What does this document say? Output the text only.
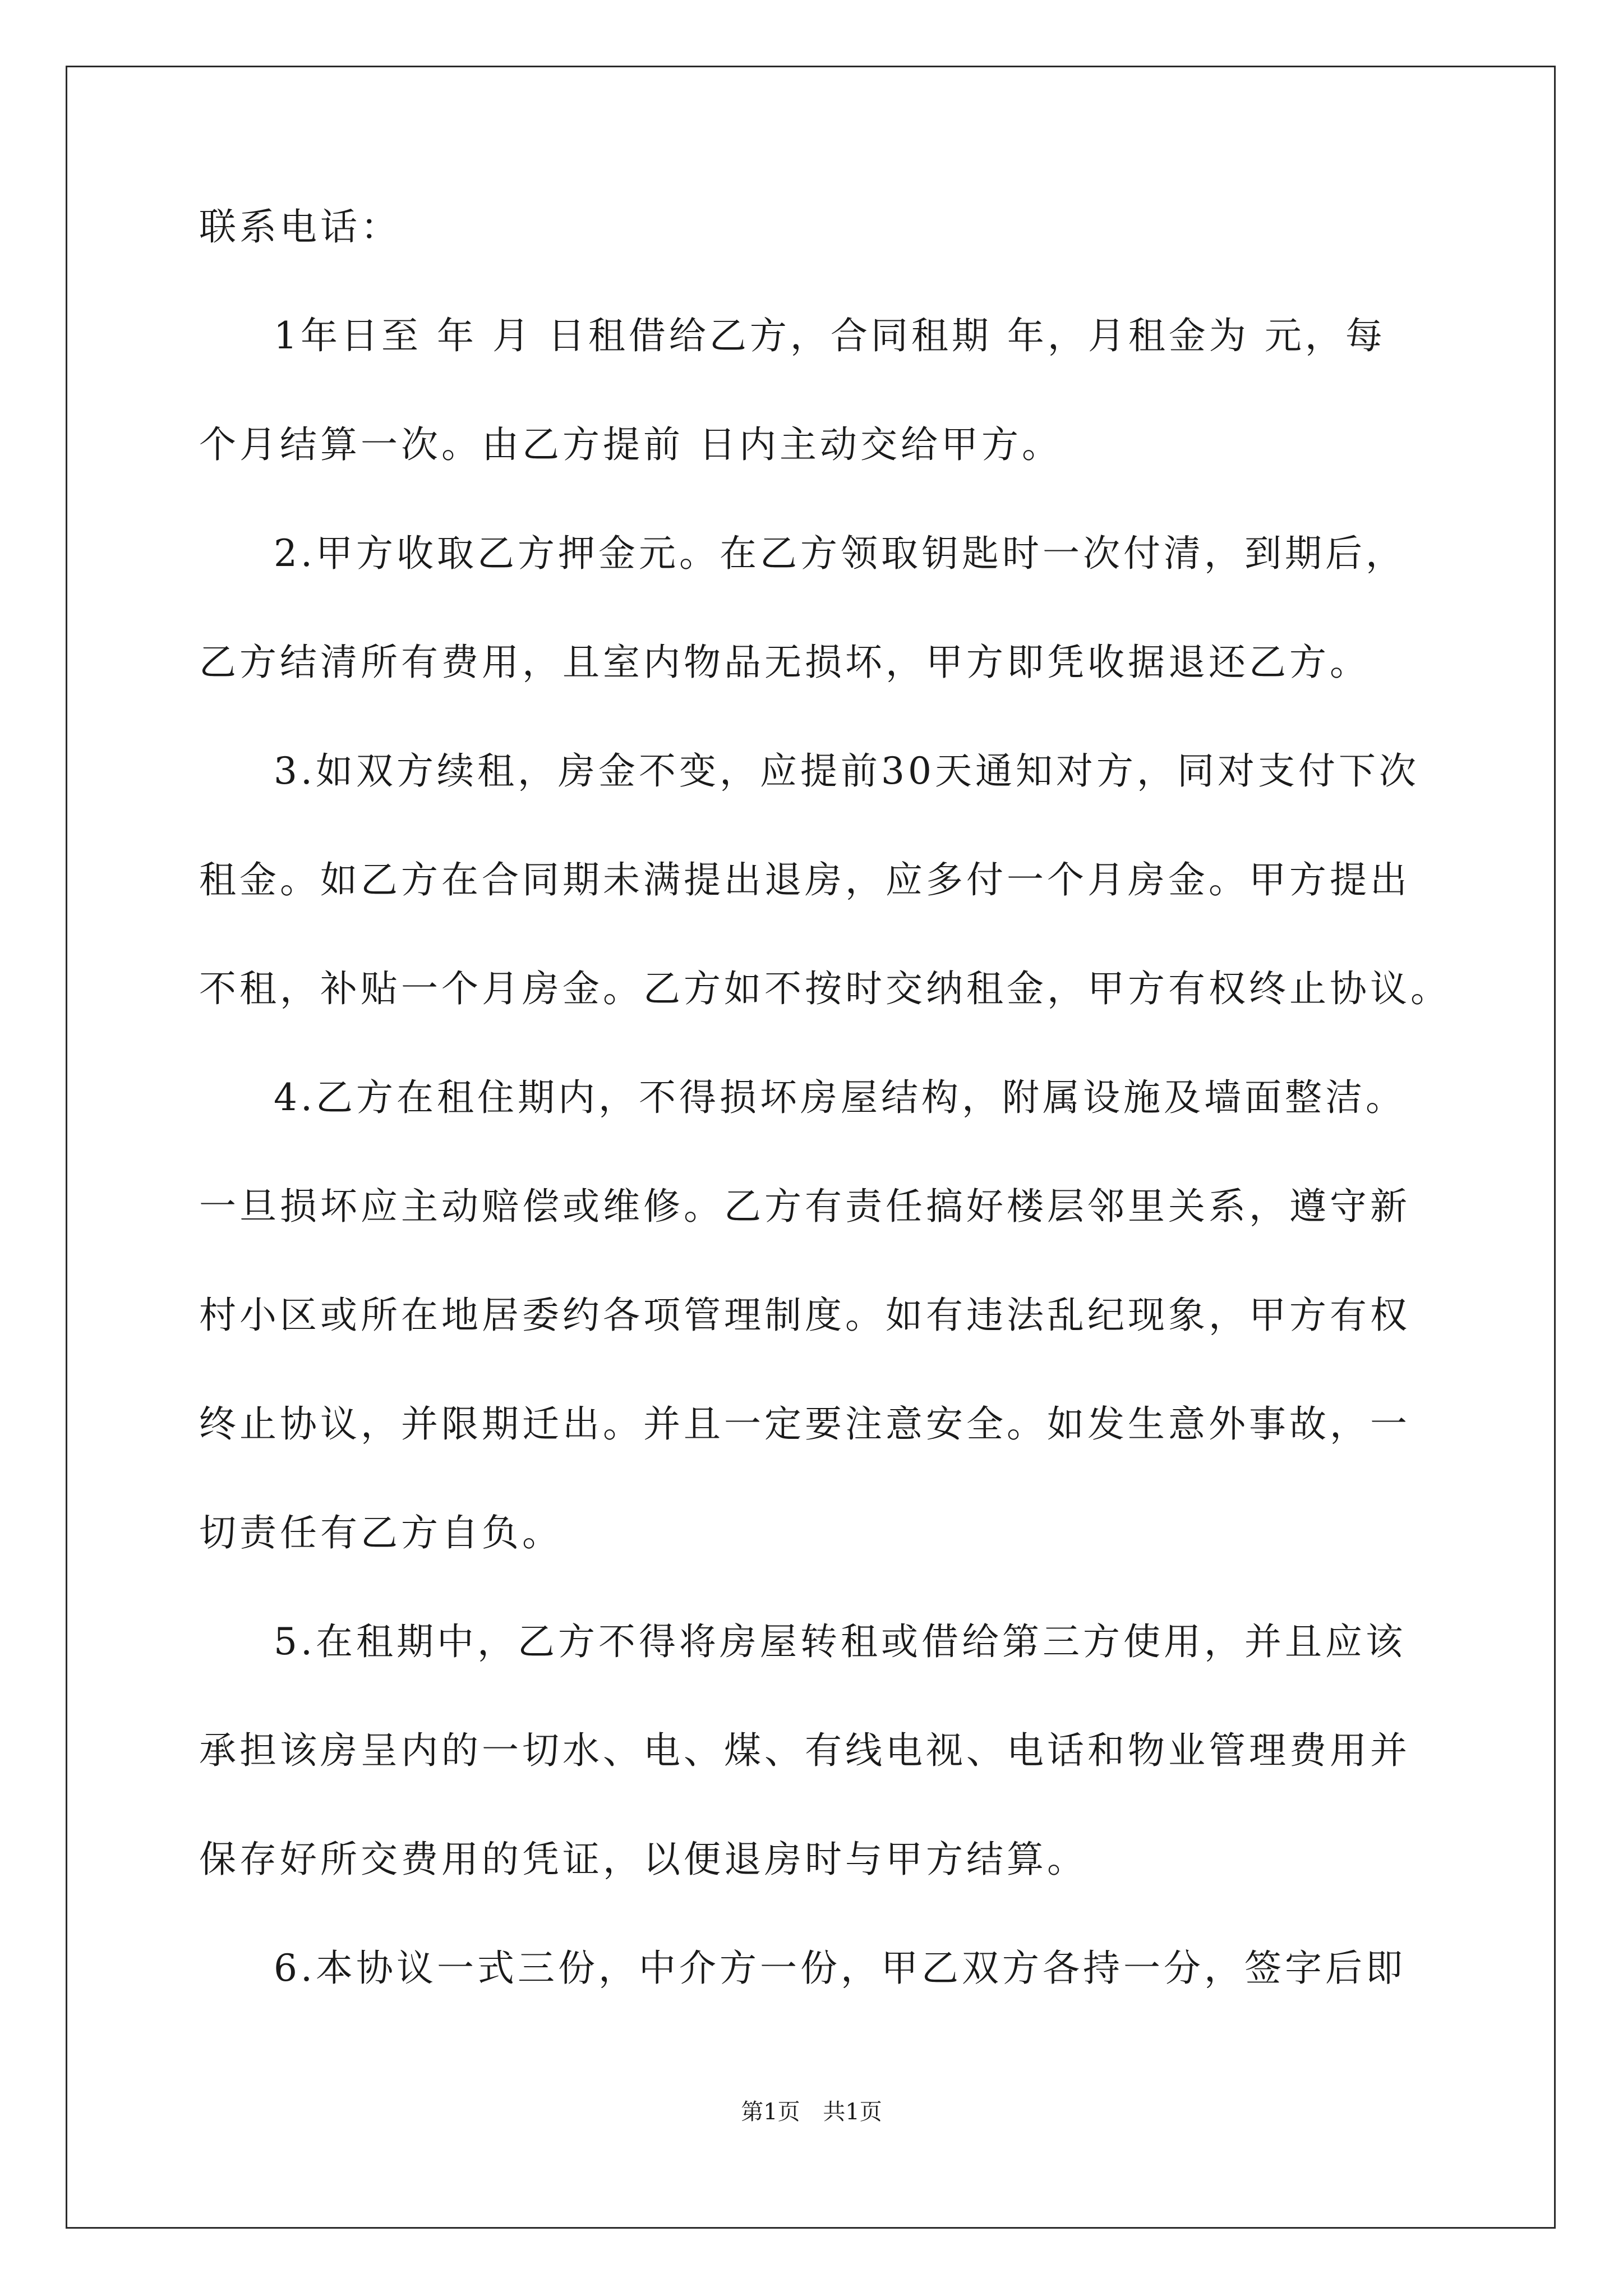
联系电话：
1年日至 年 月 日租借给乙方，合同租期 年，月租金为 元，每
个月结算一次。由乙方提前 日内主动交给甲方。
2.甲方收取乙方押金元。在乙方领取钥匙时一次付清，到期后，
乙方结清所有费用，且室内物品无损坏，甲方即凭收据退还乙方。
3.如双方续租，房金不变，应提前30天通知对方，同对支付下次
租金。如乙方在合同期未满提出退房，应多付一个月房金。甲方提出
不租，补贴一个月房金。乙方如不按时交纳租金，甲方有权终止协议。
4.乙方在租住期内，不得损坏房屋结构，附属设施及墙面整洁。
一旦损坏应主动赔偿或维修。乙方有责任搞好楼层邻里关系，遵守新
村小区或所在地居委约各项管理制度。如有违法乱纪现象，甲方有权
终止协议，并限期迁出。并且一定要注意安全。如发生意外事故，一
切责任有乙方自负。
5.在租期中，乙方不得将房屋转租或借给第三方使用，并且应该
承担该房呈内的一切水、电、煤、有线电视、电话和物业管理费用并
保存好所交费用的凭证，以便退房时与甲方结算。
6.本协议一式三份，中介方一份，甲乙双方各持一分，签字后即
第1页 共1页
